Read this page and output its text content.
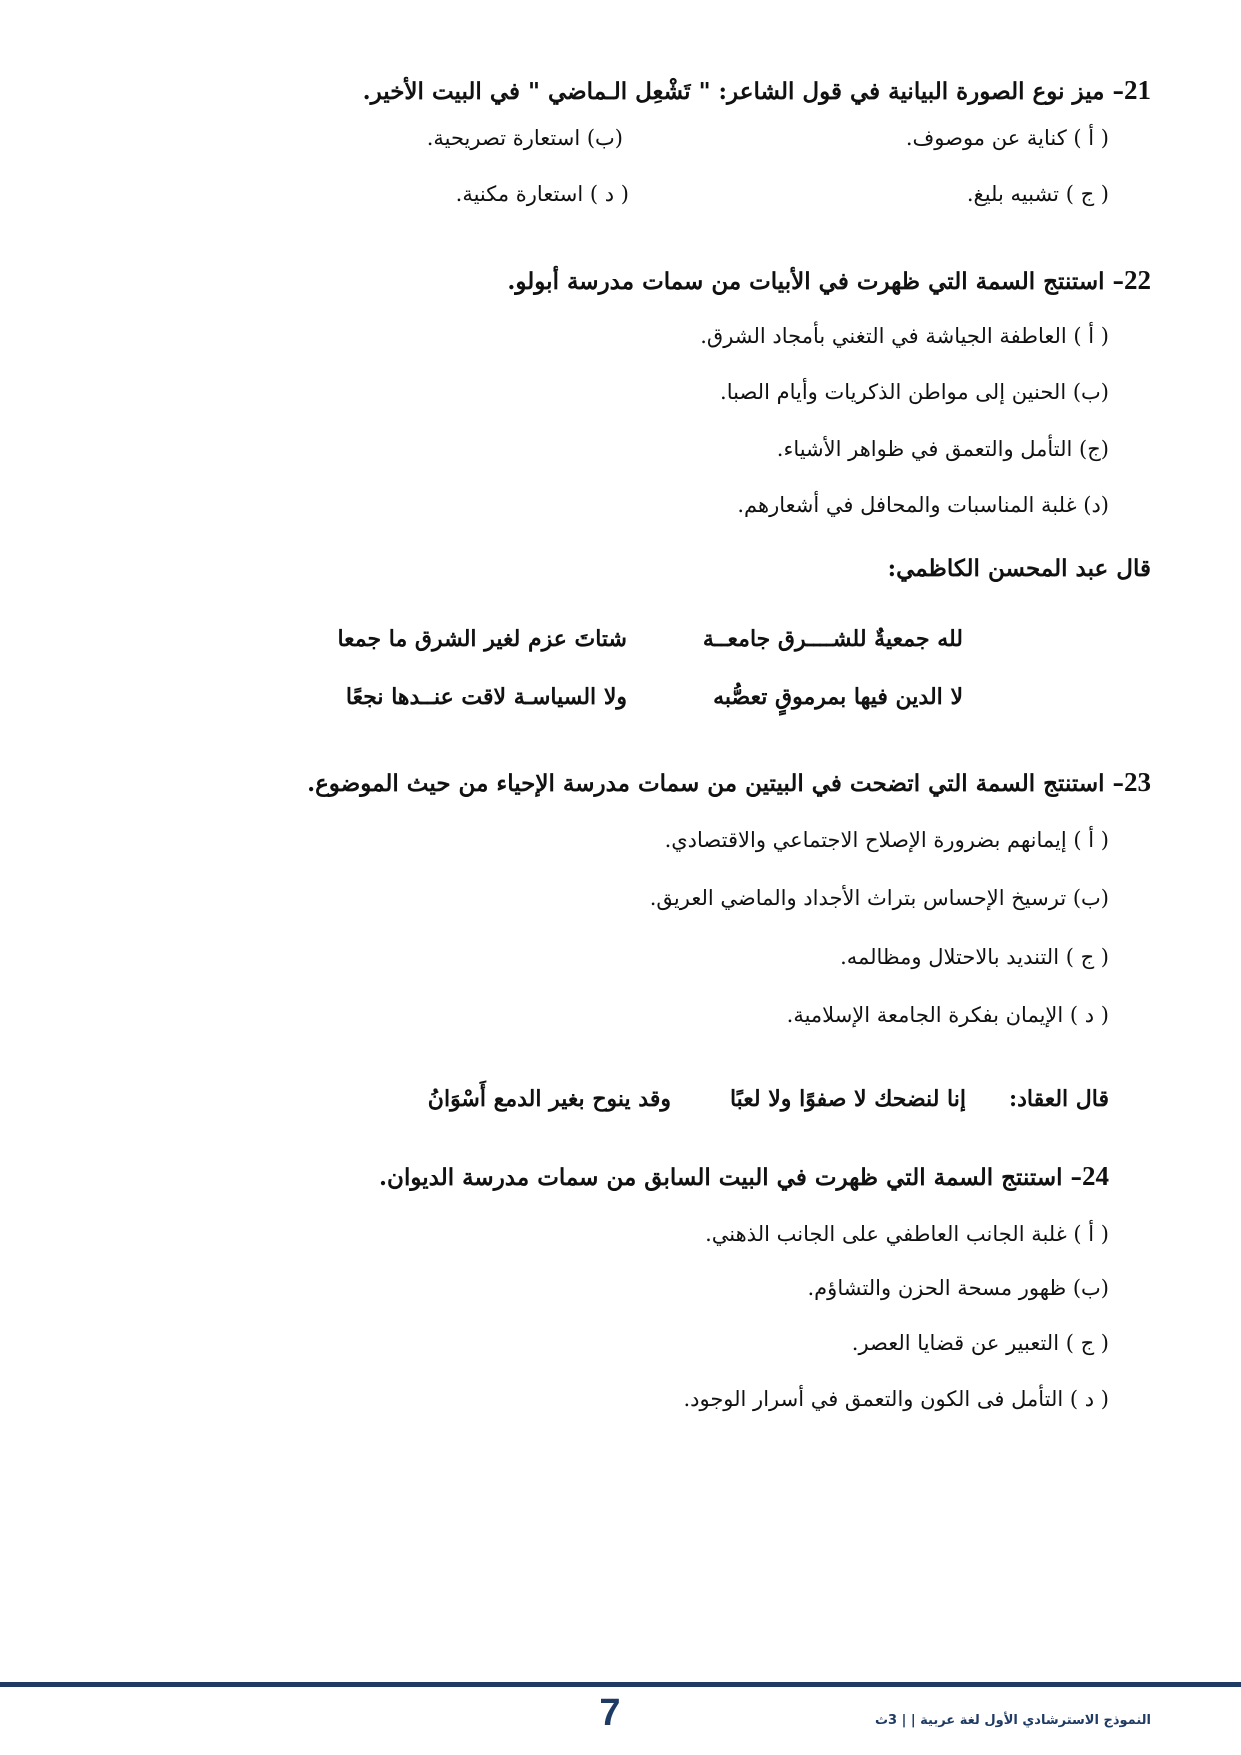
21– ميز نوع الصورة البيانية في قول الشاعر: " تَشْعِل الـماضي " في البيت الأخير.
( أ ) كناية عن موصوف.
(ب) استعارة تصريحية.
( ج ) تشبيه بليغ.
( د ) استعارة مكنية.
22– استنتج السمة التي ظهرت في الأبيات من سمات مدرسة أبولو.
( أ ) العاطفة الجياشة في التغني بأمجاد الشرق.
(ب) الحنين إلى مواطن الذكريات وأيام الصبا.
(ج) التأمل والتعمق في ظواهر الأشياء.
(د) غلبة المناسبات والمحافل في أشعارهم.
قال عبد المحسن الكاظمي:
لله جمعيةٌ للشــــرق جامعــة
شتاتَ عزم لغير الشرق ما جمعا
لا الدين فيها بمرموقٍ تعصُّبه
ولا السياسـة لاقت عنــدها نجعًا
23– استنتج السمة التي اتضحت في البيتين من سمات مدرسة الإحياء من حيث الموضوع.
( أ ) إيمانهم بضرورة الإصلاح الاجتماعي والاقتصادي.
(ب) ترسيخ الإحساس بتراث الأجداد والماضي العريق.
( ج ) التنديد بالاحتلال ومظالمه.
( د ) الإيمان بفكرة الجامعة الإسلامية.
قال العقاد:
إنا لنضحك لا صفوًا ولا لعبًا
وقد ينوح بغير الدمع أَسْوَانُ
24– استنتج السمة التي ظهرت في البيت السابق من سمات مدرسة الديوان.
( أ ) غلبة الجانب العاطفي على الجانب الذهني.
(ب) ظهور مسحة الحزن والتشاؤم.
( ج ) التعبير عن قضايا العصر.
( د ) التأمل فى الكون والتعمق في أسرار الوجود.
7	النموذج الاسترشادي الأول لغة عربية | | 3ث
